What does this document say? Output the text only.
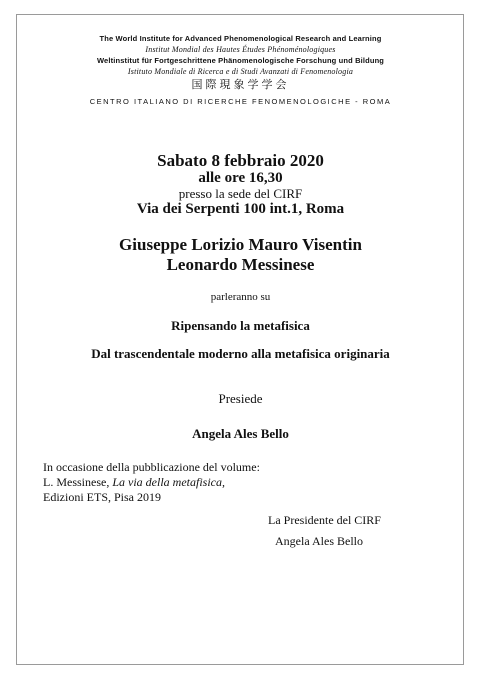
The World Institute for Advanced Phenomenological Research and Learning
Institut Mondial des Hautes Études Phénoménologiques
Weltinstitut für Fortgeschrittene Phänomenologische Forschung und Bildung
Istituto Mondiale di Ricerca e di Studi Avanzati di Fenomenologia
国際現象学学会
CENTRO ITALIANO DI RICERCHE FENOMENOLOGICHE - ROMA
Sabato 8 febbraio 2020
alle ore 16,30
presso la sede del CIRF
Via dei Serpenti 100 int.1, Roma
Giuseppe Lorizio Mauro Visentin
Leonardo Messinese
parleranno su
Ripensando la metafisica
Dal trascendentale moderno alla metafisica originaria
Presiede
Angela Ales Bello
In occasione della pubblicazione del volume:
L. Messinese, La via della metafisica,
Edizioni ETS, Pisa 2019
La Presidente del CIRF
Angela Ales Bello
